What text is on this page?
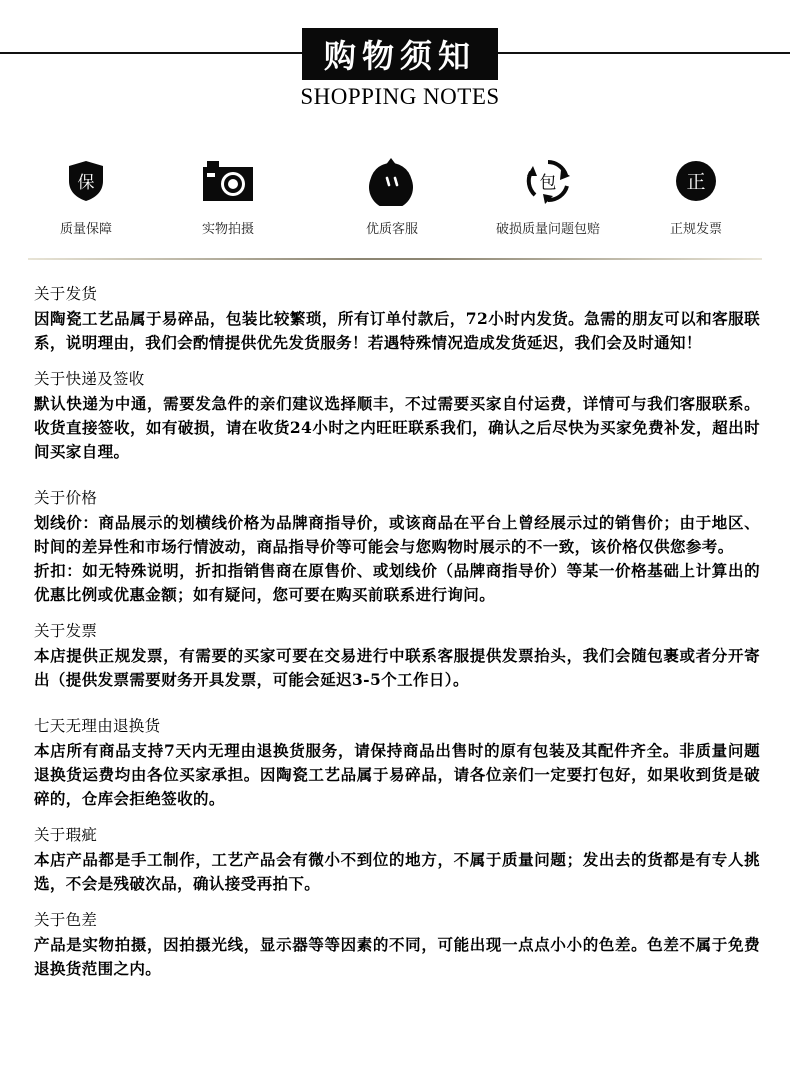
购物须知
SHOPPING NOTES
保
质量保障	实物拍摄	优质客服
包
破损质量问题包赔
正
正规发票
关于发货
因陶瓷工艺品属于易碎品，包装比较繁琐，所有订单付款后，72小时内发货。急需的朋友可以和客服联系，说明理由，我们会酌情提供优先发货服务！若遇特殊情况造成发货延迟，我们会及时通知！
关于快递及签收
默认快递为中通，需要发急件的亲们建议选择顺丰，不过需要买家自付运费，详情可与我们客服联系。收货直接签收，如有破损，请在收货24小时之内旺旺联系我们，确认之后尽快为买家免费补发，超出时间买家自理。
关于价格
划线价：商品展示的划横线价格为品牌商指导价，或该商品在平台上曾经展示过的销售价；由于地区、时间的差异性和市场行情波动，商品指导价等可能会与您购物时展示的不一致，该价格仅供您参考。
折扣：如无特殊说明，折扣指销售商在原售价、或划线价（品牌商指导价）等某一价格基础上计算出的优惠比例或优惠金额；如有疑问，您可要在购买前联系进行询问。
关于发票
本店提供正规发票，有需要的买家可要在交易进行中联系客服提供发票抬头，我们会随包裹或者分开寄出（提供发票需要财务开具发票，可能会延迟3-5个工作日）。
七天无理由退换货
本店所有商品支持7天内无理由退换货服务，请保持商品出售时的原有包装及其配件齐全。非质量问题退换货运费均由各位买家承担。因陶瓷工艺品属于易碎品，请各位亲们一定要打包好，如果收到货是破碎的，仓库会拒绝签收的。
关于瑕疵
本店产品都是手工制作，工艺产品会有微小不到位的地方，不属于质量问题；发出去的货都是有专人挑选，不会是残破次品，确认接受再拍下。
关于色差
产品是实物拍摄，因拍摄光线，显示器等等因素的不同，可能出现一点点小小的色差。色差不属于免费退换货范围之内。
